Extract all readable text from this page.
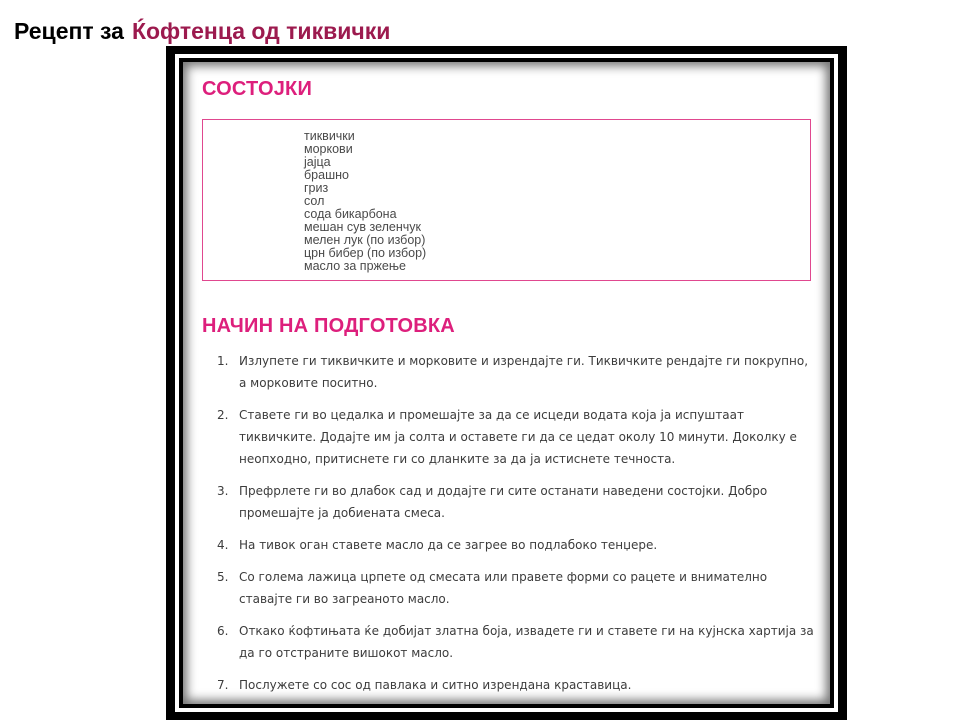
Рецепт за Ќофтенца од тиквички
СОСТОЈКИ
тиквички
моркови
јајца
брашно
гриз
сол
сода бикарбона
мешан сув зеленчук
мелен лук (по избор)
црн бибер (по избор)
масло за пржење
НАЧИН НА ПОДГОТОВКА
1. Излупете ги тиквичките и морковите и изрендајте ги. Тиквичките рендајте ги покрупно, а морковите поситно.
2. Ставете ги во цедалка и промешајте за да се исцеди водата која ја испуштаат тиквичките. Додајте им ја солта и оставете ги да се цедат околу 10 минути. Доколку е неопходно, притиснете ги со дланките за да ја истиснете течноста.
3. Префрлете ги во длабок сад и додајте ги сите останати наведени состојки. Добро промешајте ја добиената смеса.
4. На тивок оган ставете масло да се загрее во подлабоко тенџере.
5. Со голема лажица црпете од смесата или правете форми со рацете и внимателно ставајте ги во загреаното масло.
6. Откако ќофтињата ќе добијат златна боја, извадете ги и ставете ги на кујнска хартија за да го отстраните вишокот масло.
7. Послужете со сос од павлака и ситно изрендана краставица.
